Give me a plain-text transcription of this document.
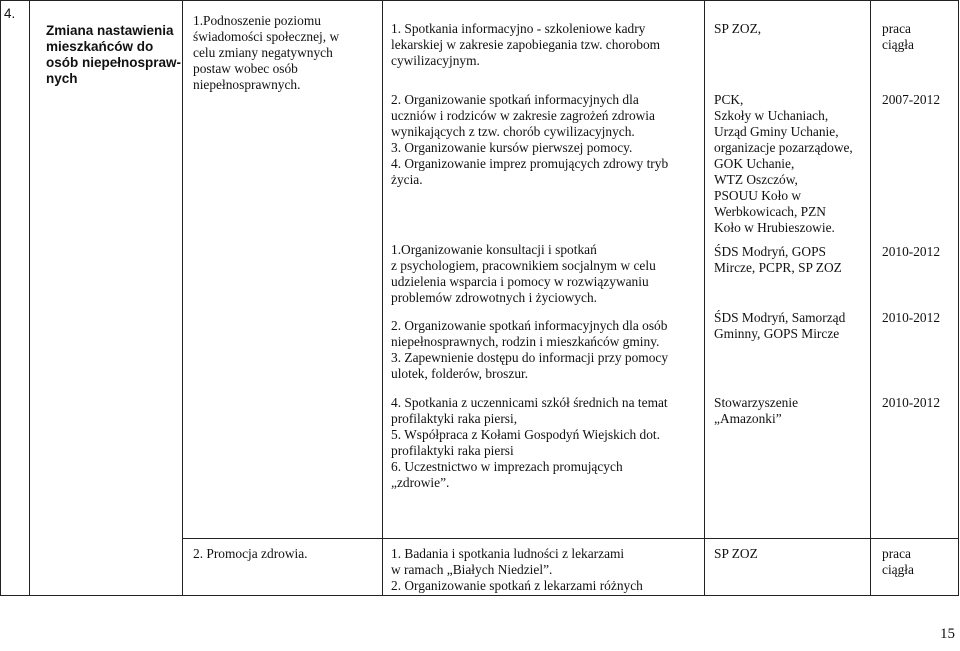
4.
Zmiana nastawienia
mieszkańców do
osób niepełnospraw-
nych
1.Podnoszenie poziomu
świadomości społecznej, w
celu zmiany negatywnych
postaw wobec osób
niepełnosprawnych.
1. Spotkania informacyjno - szkoleniowe kadry
lekarskiej w zakresie zapobiegania tzw. chorobom
cywilizacyjnym.
2. Organizowanie spotkań informacyjnych dla
uczniów i rodziców w zakresie zagrożeń zdrowia
wynikających z tzw. chorób cywilizacyjnych.
3. Organizowanie kursów pierwszej pomocy.
4. Organizowanie imprez promujących zdrowy tryb
życia.
1.Organizowanie konsultacji i spotkań
z psychologiem, pracownikiem socjalnym w celu
udzielenia wsparcia i pomocy w rozwiązywaniu
problemów zdrowotnych i życiowych.
2. Organizowanie spotkań informacyjnych dla osób
niepełnosprawnych, rodzin i mieszkańców gminy.
3. Zapewnienie dostępu do informacji przy pomocy
ulotek, folderów, broszur.
4. Spotkania z uczennicami szkół średnich na temat
profilaktyki raka piersi,
5. Współpraca z Kołami Gospodyń Wiejskich dot.
profilaktyki raka piersi
6. Uczestnictwo w imprezach promujących
„zdrowie”.
SP ZOZ,
PCK,
Szkoły w Uchaniach,
Urząd Gminy Uchanie,
organizacje pozarządowe,
GOK Uchanie,
WTZ Oszczów,
PSOUU Koło w
Werbkowicach, PZN
Koło w Hrubieszowie.
ŚDS Modryń, GOPS
Mircze, PCPR, SP ZOZ
ŚDS Modryń, Samorząd
Gminny, GOPS Mircze
Stowarzyszenie
„Amazonki”
praca
ciągła
2007-2012
2010-2012
2010-2012
2010-2012
2. Promocja zdrowia.	1. Badania i spotkania ludności z lekarzami
w ramach „Białych Niedziel”.
2. Organizowanie spotkań z lekarzami różnych
SP ZOZ	praca
ciągła
15
